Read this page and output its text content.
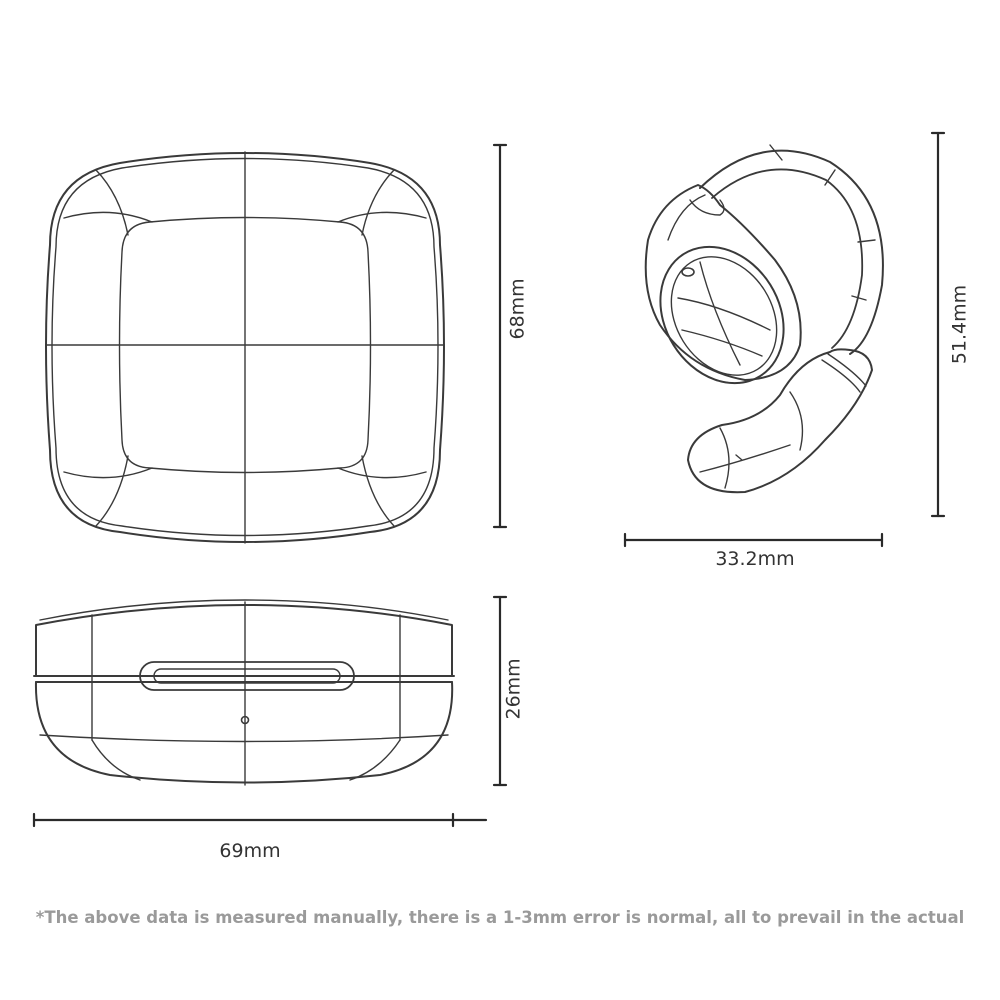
68mm
26mm
69mm
51.4mm
33.2mm
*The above data is measured manually, there is a 1-3mm error is normal, all to prevail in the actual
